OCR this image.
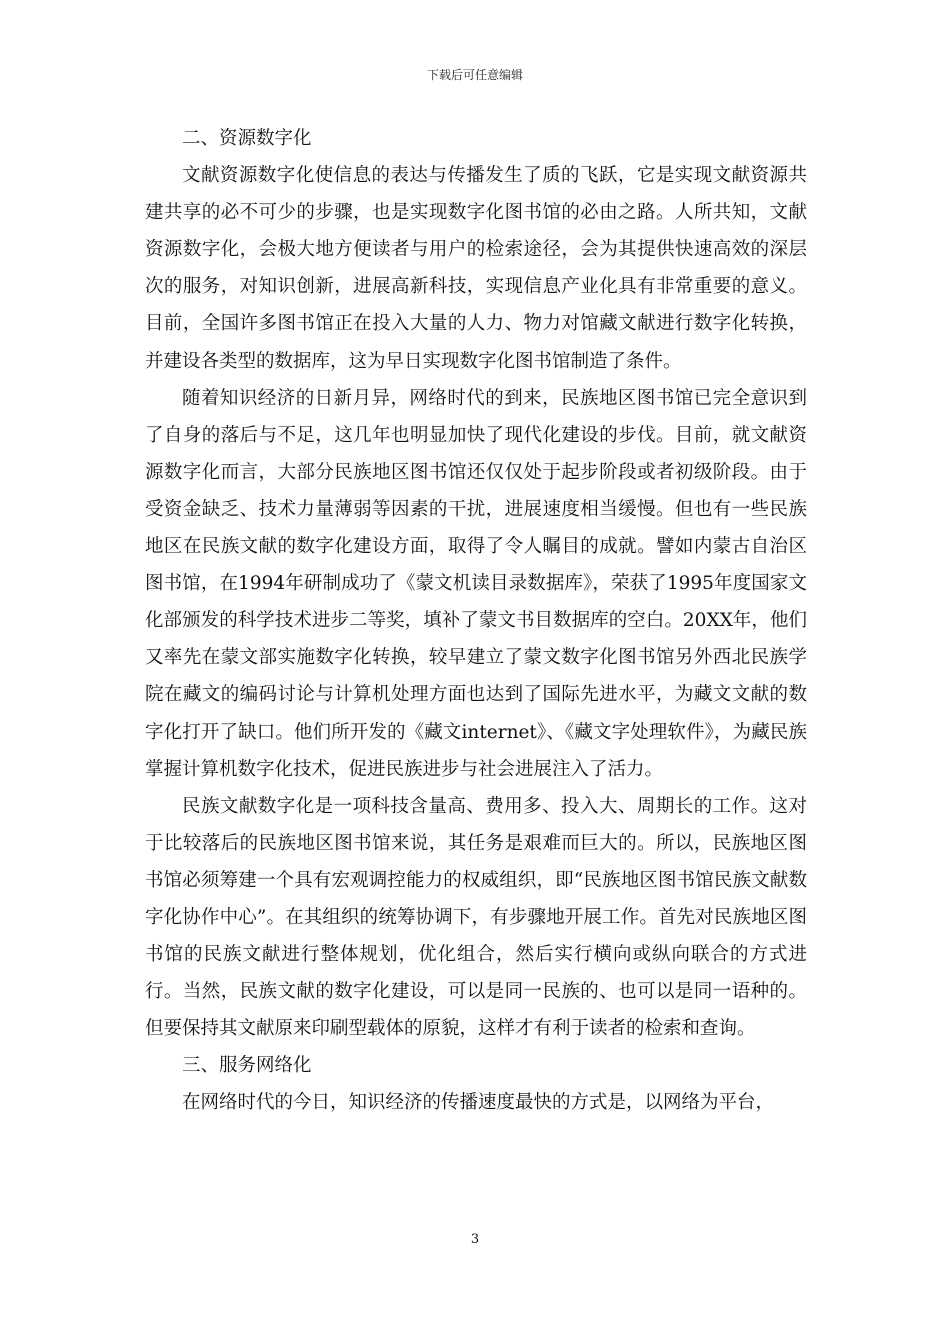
下载后可任意编辑

二、资源数字化

文献资源数字化使信息的表达与传播发生了质的飞跃，它是实现文献资源共建共享的必不可少的步骤，也是实现数字化图书馆的必由之路。人所共知，文献资源数字化，会极大地方便读者与用户的检索途径，会为其提供快速高效的深层次的服务，对知识创新，进展高新科技，实现信息产业化具有非常重要的意义。目前，全国许多图书馆正在投入大量的人力、物力对馆藏文献进行数字化转换，并建设各类型的数据库，这为早日实现数字化图书馆制造了条件。

随着知识经济的日新月异，网络时代的到来，民族地区图书馆已完全意识到了自身的落后与不足，这几年也明显加快了现代化建设的步伐。目前，就文献资源数字化而言，大部分民族地区图书馆还仅仅处于起步阶段或者初级阶段。由于受资金缺乏、技术力量薄弱等因素的干扰，进展速度相当缓慢。但也有一些民族地区在民族文献的数字化建设方面，取得了令人瞩目的成就。譬如内蒙古自治区图书馆，在1994年研制成功了《蒙文机读目录数据库》，荣获了1995年度国家文化部颁发的科学技术进步二等奖，填补了蒙文书目数据库的空白。20XX年，他们又率先在蒙文部实施数字化转换，较早建立了蒙文数字化图书馆另外西北民族学院在藏文的编码讨论与计算机处理方面也达到了国际先进水平，为藏文文献的数字化打开了缺口。他们所开发的《藏文internet》、《藏文字处理软件》，为藏民族掌握计算机数字化技术，促进民族进步与社会进展注入了活力。

民族文献数字化是一项科技含量高、费用多、投入大、周期长的工作。这对于比较落后的民族地区图书馆来说，其任务是艰难而巨大的。所以，民族地区图书馆必须筹建一个具有宏观调控能力的权威组织，即“民族地区图书馆民族文献数字化协作中心”。在其组织的统筹协调下，有步骤地开展工作。首先对民族地区图书馆的民族文献进行整体规划，优化组合，然后实行横向或纵向联合的方式进行。当然，民族文献的数字化建设，可以是同一民族的、也可以是同一语种的。但要保持其文献原来印刷型载体的原貌，这样才有利于读者的检索和查询。

三、服务网络化

在网络时代的今日，知识经济的传播速度最快的方式是，以网络为平台，

3
